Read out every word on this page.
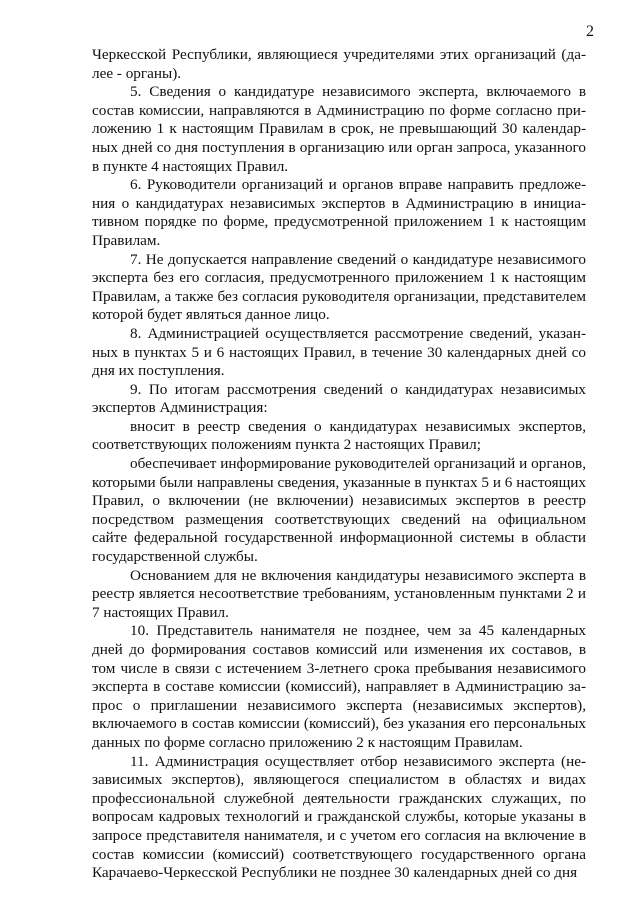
2

Черкесской Республики, являющиеся учредителями этих организаций (далее - органы).

5. Сведения о кандидатуре независимого эксперта, включаемого в состав комиссии, направляются в Администрацию по форме согласно приложению 1 к настоящим Правилам в срок, не превышающий 30 календарных дней со дня поступления в организацию или орган запроса, указанного в пункте 4 настоящих Правил.

6. Руководители организаций и органов вправе направить предложения о кандидатурах независимых экспертов в Администрацию в инициативном порядке по форме, предусмотренной приложением 1 к настоящим Правилам.

7. Не допускается направление сведений о кандидатуре независимого эксперта без его согласия, предусмотренного приложением 1 к настоящим Правилам, а также без согласия руководителя организации, представителем которой будет являться данное лицо.

8. Администрацией осуществляется рассмотрение сведений, указанных в пунктах 5 и 6 настоящих Правил, в течение 30 календарных дней со дня их поступления.

9. По итогам рассмотрения сведений о кандидатурах независимых экспертов Администрация:

вносит в реестр сведения о кандидатурах независимых экспертов, соответствующих положениям пункта 2 настоящих Правил;

обеспечивает информирование руководителей организаций и органов, которыми были направлены сведения, указанные в пунктах 5 и 6 настоящих Правил, о включении (не включении) независимых экспертов в реестр посредством размещения соответствующих сведений на официальном сайте федеральной государственной информационной системы в области государственной службы.

Основанием для не включения кандидатуры независимого эксперта в реестр является несоответствие требованиям, установленным пунктами 2 и 7 настоящих Правил.

10. Представитель нанимателя не позднее, чем за 45 календарных дней до формирования составов комиссий или изменения их составов, в том числе в связи с истечением 3-летнего срока пребывания независимого эксперта в составе комиссии (комиссий), направляет в Администрацию запрос о приглашении независимого эксперта (независимых экспертов), включаемого в состав комиссии (комиссий), без указания его персональных данных по форме согласно приложению 2 к настоящим Правилам.

11. Администрация осуществляет отбор независимого эксперта (независимых экспертов), являющегося специалистом в областях и видах профессиональной служебной деятельности гражданских служащих, по вопросам кадровых технологий и гражданской службы, которые указаны в запросе представителя нанимателя, и с учетом его согласия на включение в состав комиссии (комиссий) соответствующего государственного органа Карачаево-Черкесской Республики не позднее 30 календарных дней со дня
